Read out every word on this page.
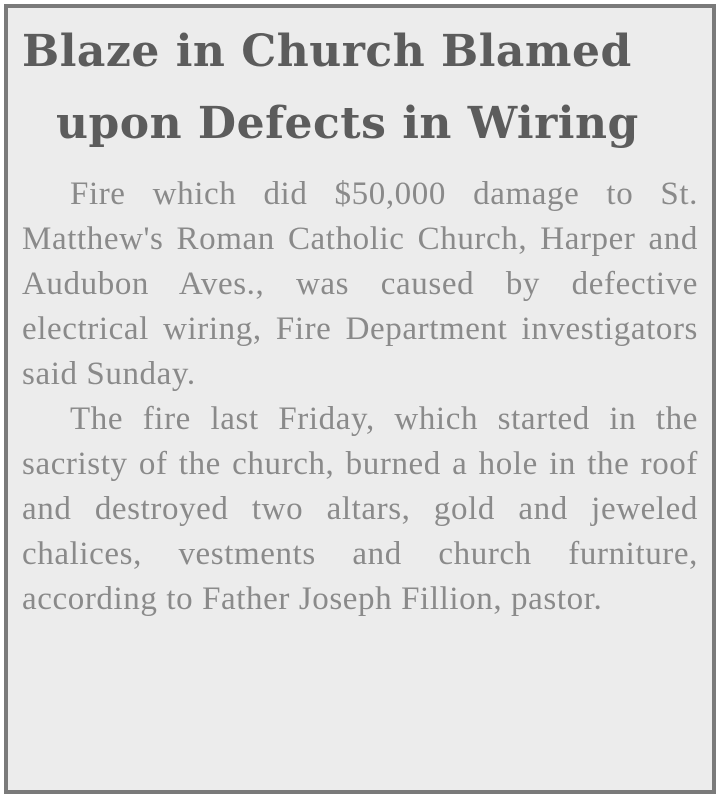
Blaze in Church Blamed
upon Defects in Wiring

Fire which did $50,000 damage to St. Matthew's Roman Catholic Church, Harper and Audubon Aves., was caused by defective electrical wiring, Fire Department investigators said Sunday.

The fire last Friday, which started in the sacristy of the church, burned a hole in the roof and destroyed two altars, gold and jeweled chalices, vestments and church furniture, according to Father Joseph Fillion, pastor.
